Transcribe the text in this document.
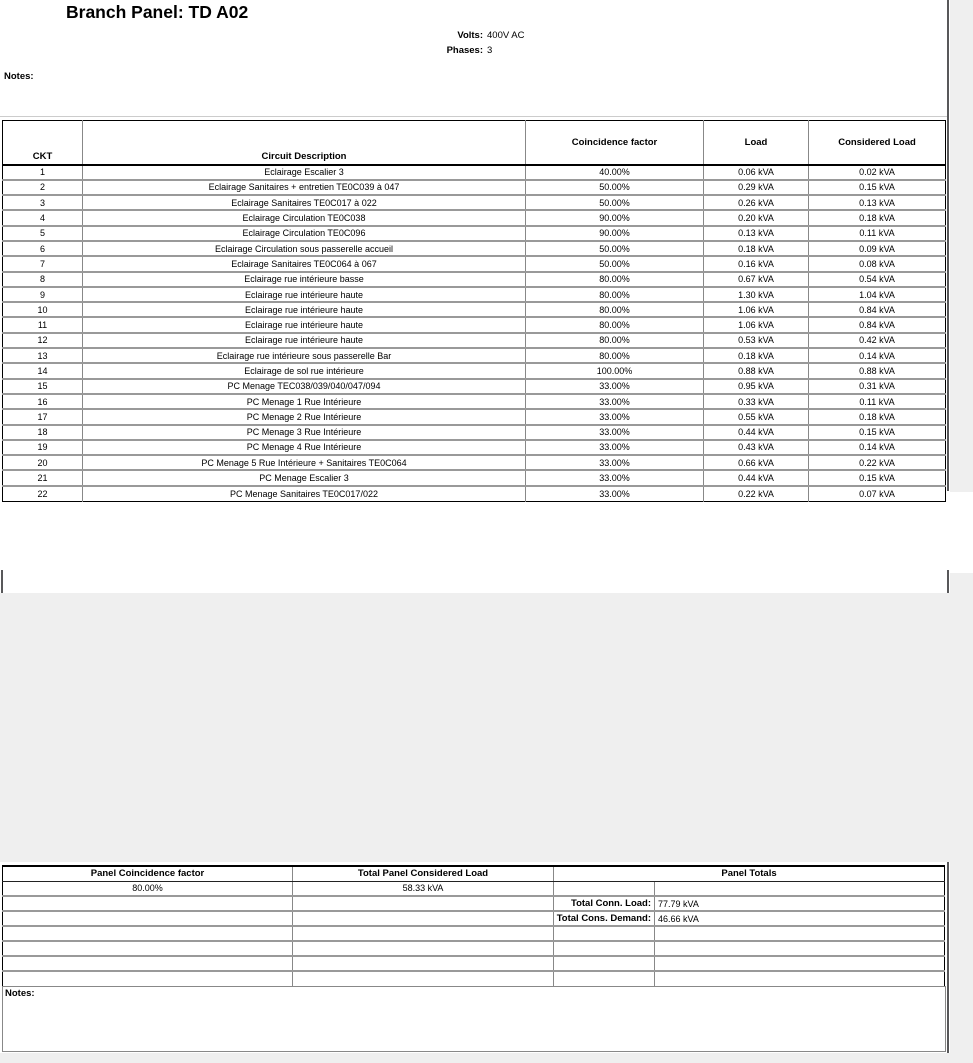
Branch Panel: TD A02
Volts: 400V AC
Phases: 3
Notes:
CKT	Circuit Description	Coincidence factor	Load	Considered Load
1	Eclairage Escalier 3	40.00%	0.06 kVA	0.02 kVA
2	Eclairage Sanitaires + entretien TE0C039 à 047	50.00%	0.29 kVA	0.15 kVA
3	Eclairage Sanitaires TE0C017 à 022	50.00%	0.26 kVA	0.13 kVA
4	Eclairage Circulation TE0C038	90.00%	0.20 kVA	0.18 kVA
5	Eclairage Circulation TE0C096	90.00%	0.13 kVA	0.11 kVA
6	Eclairage Circulation sous passerelle accueil	50.00%	0.18 kVA	0.09 kVA
7	Eclairage Sanitaires TE0C064 à 067	50.00%	0.16 kVA	0.08 kVA
8	Eclairage rue intérieure basse	80.00%	0.67 kVA	0.54 kVA
9	Eclairage rue intérieure haute	80.00%	1.30 kVA	1.04 kVA
10	Eclairage rue intérieure haute	80.00%	1.06 kVA	0.84 kVA
11	Eclairage rue intérieure haute	80.00%	1.06 kVA	0.84 kVA
12	Eclairage rue intérieure haute	80.00%	0.53 kVA	0.42 kVA
13	Eclairage rue intérieure sous passerelle Bar	80.00%	0.18 kVA	0.14 kVA
14	Eclairage de sol rue intérieure	100.00%	0.88 kVA	0.88 kVA
15	PC Menage TEC038/039/040/047/094	33.00%	0.95 kVA	0.31 kVA
16	PC Menage 1 Rue Intérieure	33.00%	0.33 kVA	0.11 kVA
17	PC Menage 2 Rue Intérieure	33.00%	0.55 kVA	0.18 kVA
18	PC Menage 3 Rue Intérieure	33.00%	0.44 kVA	0.15 kVA
19	PC Menage 4 Rue Intérieure	33.00%	0.43 kVA	0.14 kVA
20	PC Menage 5 Rue Intérieure + Sanitaires TE0C064	33.00%	0.66 kVA	0.22 kVA
21	PC Menage Escalier 3	33.00%	0.44 kVA	0.15 kVA
22	PC Menage Sanitaires TE0C017/022	33.00%	0.22 kVA	0.07 kVA
Panel Coincidence factor	Total Panel Considered Load	Panel Totals	
80.00%	58.33 kVA		
		Total Conn. Load:	77.79 kVA
		Total Cons. Demand:	46.66 kVA

Notes:
